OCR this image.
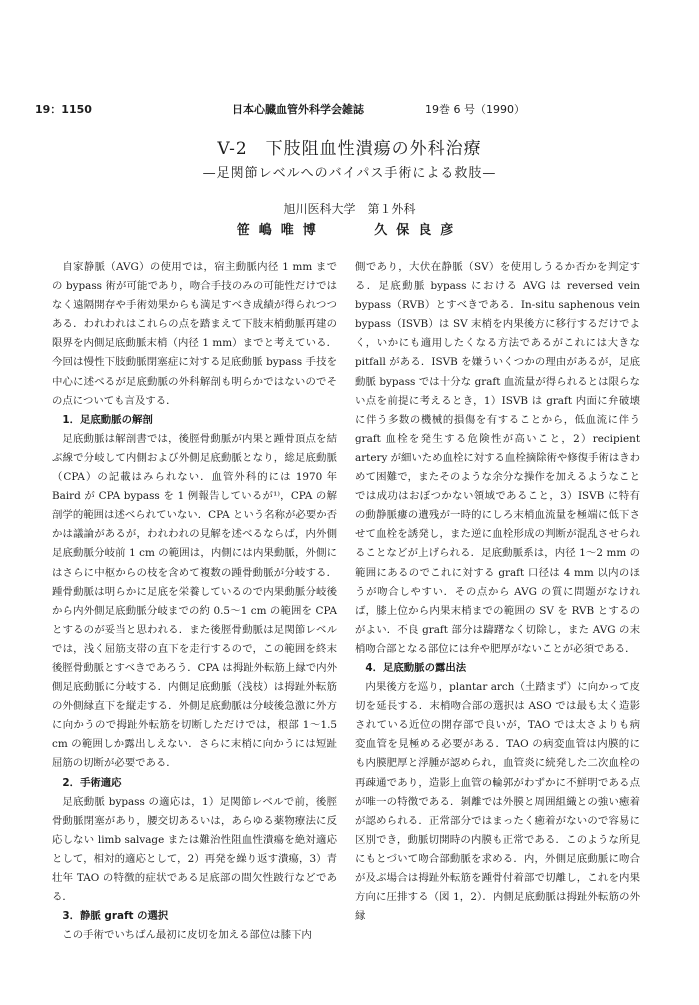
19：1150	日本心臓血管外科学会雑誌	19巻 6 号（1990）
V-2　下肢阻血性潰瘍の外科治療
—足関節レベルへのバイパス手術による救肢—
旭川医科大学　第１外科
笹嶋唯博	久保良彦

自家静脈（AVG）の使用では，宿主動脈内径 1 mm までの bypass 術が可能であり，吻合手技のみの可能性だけではなく遠隔開存や手術効果からも満足すべき成績が得られつつある．われわれはこれらの点を踏まえて下肢末梢動脈再建の限界を内側足底動脈末梢（内径 1 mm）までと考えている．今回は慢性下肢動脈閉塞症に対する足底動脈 bypass 手技を中心に述べるが足底動脈の外科解剖も明らかではないのでその点についても言及する．

1．足底動脈の解剖

足底動脈は解剖書では，後脛骨動脈が内果と踵骨頂点を結ぶ線で分岐して内側および外側足底動脈となり，総足底動脈（CPA）の記載はみられない．血管外科的には 1970 年 Baird が CPA bypass を 1 例報告しているが¹⁾，CPA の解剖学的範囲は述べられていない．CPA という名称が必要か否かは議論があるが，われわれの見解を述べるならば，内外側足底動脈分岐前 1 cm の範囲は，内側には内果動脈，外側にはさらに中枢からの枝を含めて複数の踵骨動脈が分岐する．踵骨動脈は明らかに足底を栄養しているので内果動脈分岐後から内外側足底動脈分岐までの約 0.5〜1 cm の範囲を CPA とするのが妥当と思われる．また後脛骨動脈は足関節レベルでは，浅く屈筋支帯の直下を走行するので，この範囲を終末後脛骨動脈とすべきであろう．CPA は拇趾外転筋上縁で内外側足底動脈に分岐する．内側足底動脈（浅枝）は拇趾外転筋の外側縁直下を縦走する．外側足底動脈は分岐後急激に外方に向かうので拇趾外転筋を切断しただけでは，根部 1〜1.5 cm の範囲しか露出しえない．さらに末梢に向かうには短趾屈筋の切断が必要である．

2．手術適応

足底動脈 bypass の適応は，1）足関節レベルで前，後脛骨動脈閉塞があり，腰交切あるいは，あらゆる薬物療法に反応しない limb salvage または難治性阻血性潰瘍を絶対適応として，相対的適応として，2）再発を繰り返す潰瘍，3）青壮年 TAO の特徴的症状である足底部の間欠性跛行などである．

3．静脈 graft の選択

この手術でいちばん最初に皮切を加える部位は膝下内

側であり，大伏在静脈（SV）を使用しうるか否かを判定する．足底動脈 bypass における AVG は reversed vein bypass（RVB）とすべきである．In-situ saphenous vein bypass（ISVB）は SV 末梢を内果後方に移行するだけでよく，いかにも適用したくなる方法であるがこれには大きな pitfall がある．ISVB を嫌ういくつかの理由があるが，足底動脈 bypass では十分な graft 血流量が得られるとは限らない点を前提に考えるとき，1）ISVB は graft 内面に弁破壊に伴う多数の機械的損傷を有することから，低血流に伴う graft 血栓を発生する危険性が高いこと，2）recipient artery が細いため血栓に対する血栓摘除術や修復手術はきわめて困難で，またそのような余分な操作を加えるようなことでは成功はおぼつかない領域であること，3）ISVB に特有の動静脈瘻の遺残が一時的にしろ末梢血流量を極端に低下させて血栓を誘発し，また逆に血栓形成の判断が混乱させられることなどが上げられる．足底動脈系は，内径 1〜2 mm の範囲にあるのでこれに対する graft 口径は 4 mm 以内のほうが吻合しやすい．その点から AVG の質に問題がなければ，膝上位から内果末梢までの範囲の SV を RVB とするのがよい．不良 graft 部分は躊躇なく切除し，また AVG の末梢吻合部となる部位には弁や肥厚がないことが必須である．

4．足底動脈の露出法

内果後方を巡り，plantar arch（土踏まず）に向かって皮切を延長する．末梢吻合部の選択は ASO では最も太く造影されている近位の開存部で良いが，TAO では太さよりも病変血管を見極める必要がある．TAO の病変血管は内膜的にも内膜肥厚と浮腫が認められ，血管炎に続発した二次血栓の再疎通であり，造影上血管の輪郭がわずかに不鮮明である点が唯一の特徴である．剝離では外膜と周囲組織との強い癒着が認められる．正常部分ではまったく癒着がないので容易に区別でき，動脈切開時の内膜も正常である．このような所見にもとづいて吻合部動脈を求める．内，外側足底動脈に吻合が及ぶ場合は拇趾外転筋を踵骨付着部で切離し，これを内果方向に圧排する（図 1，2）．内側足底動脈は拇趾外転筋の外縁
